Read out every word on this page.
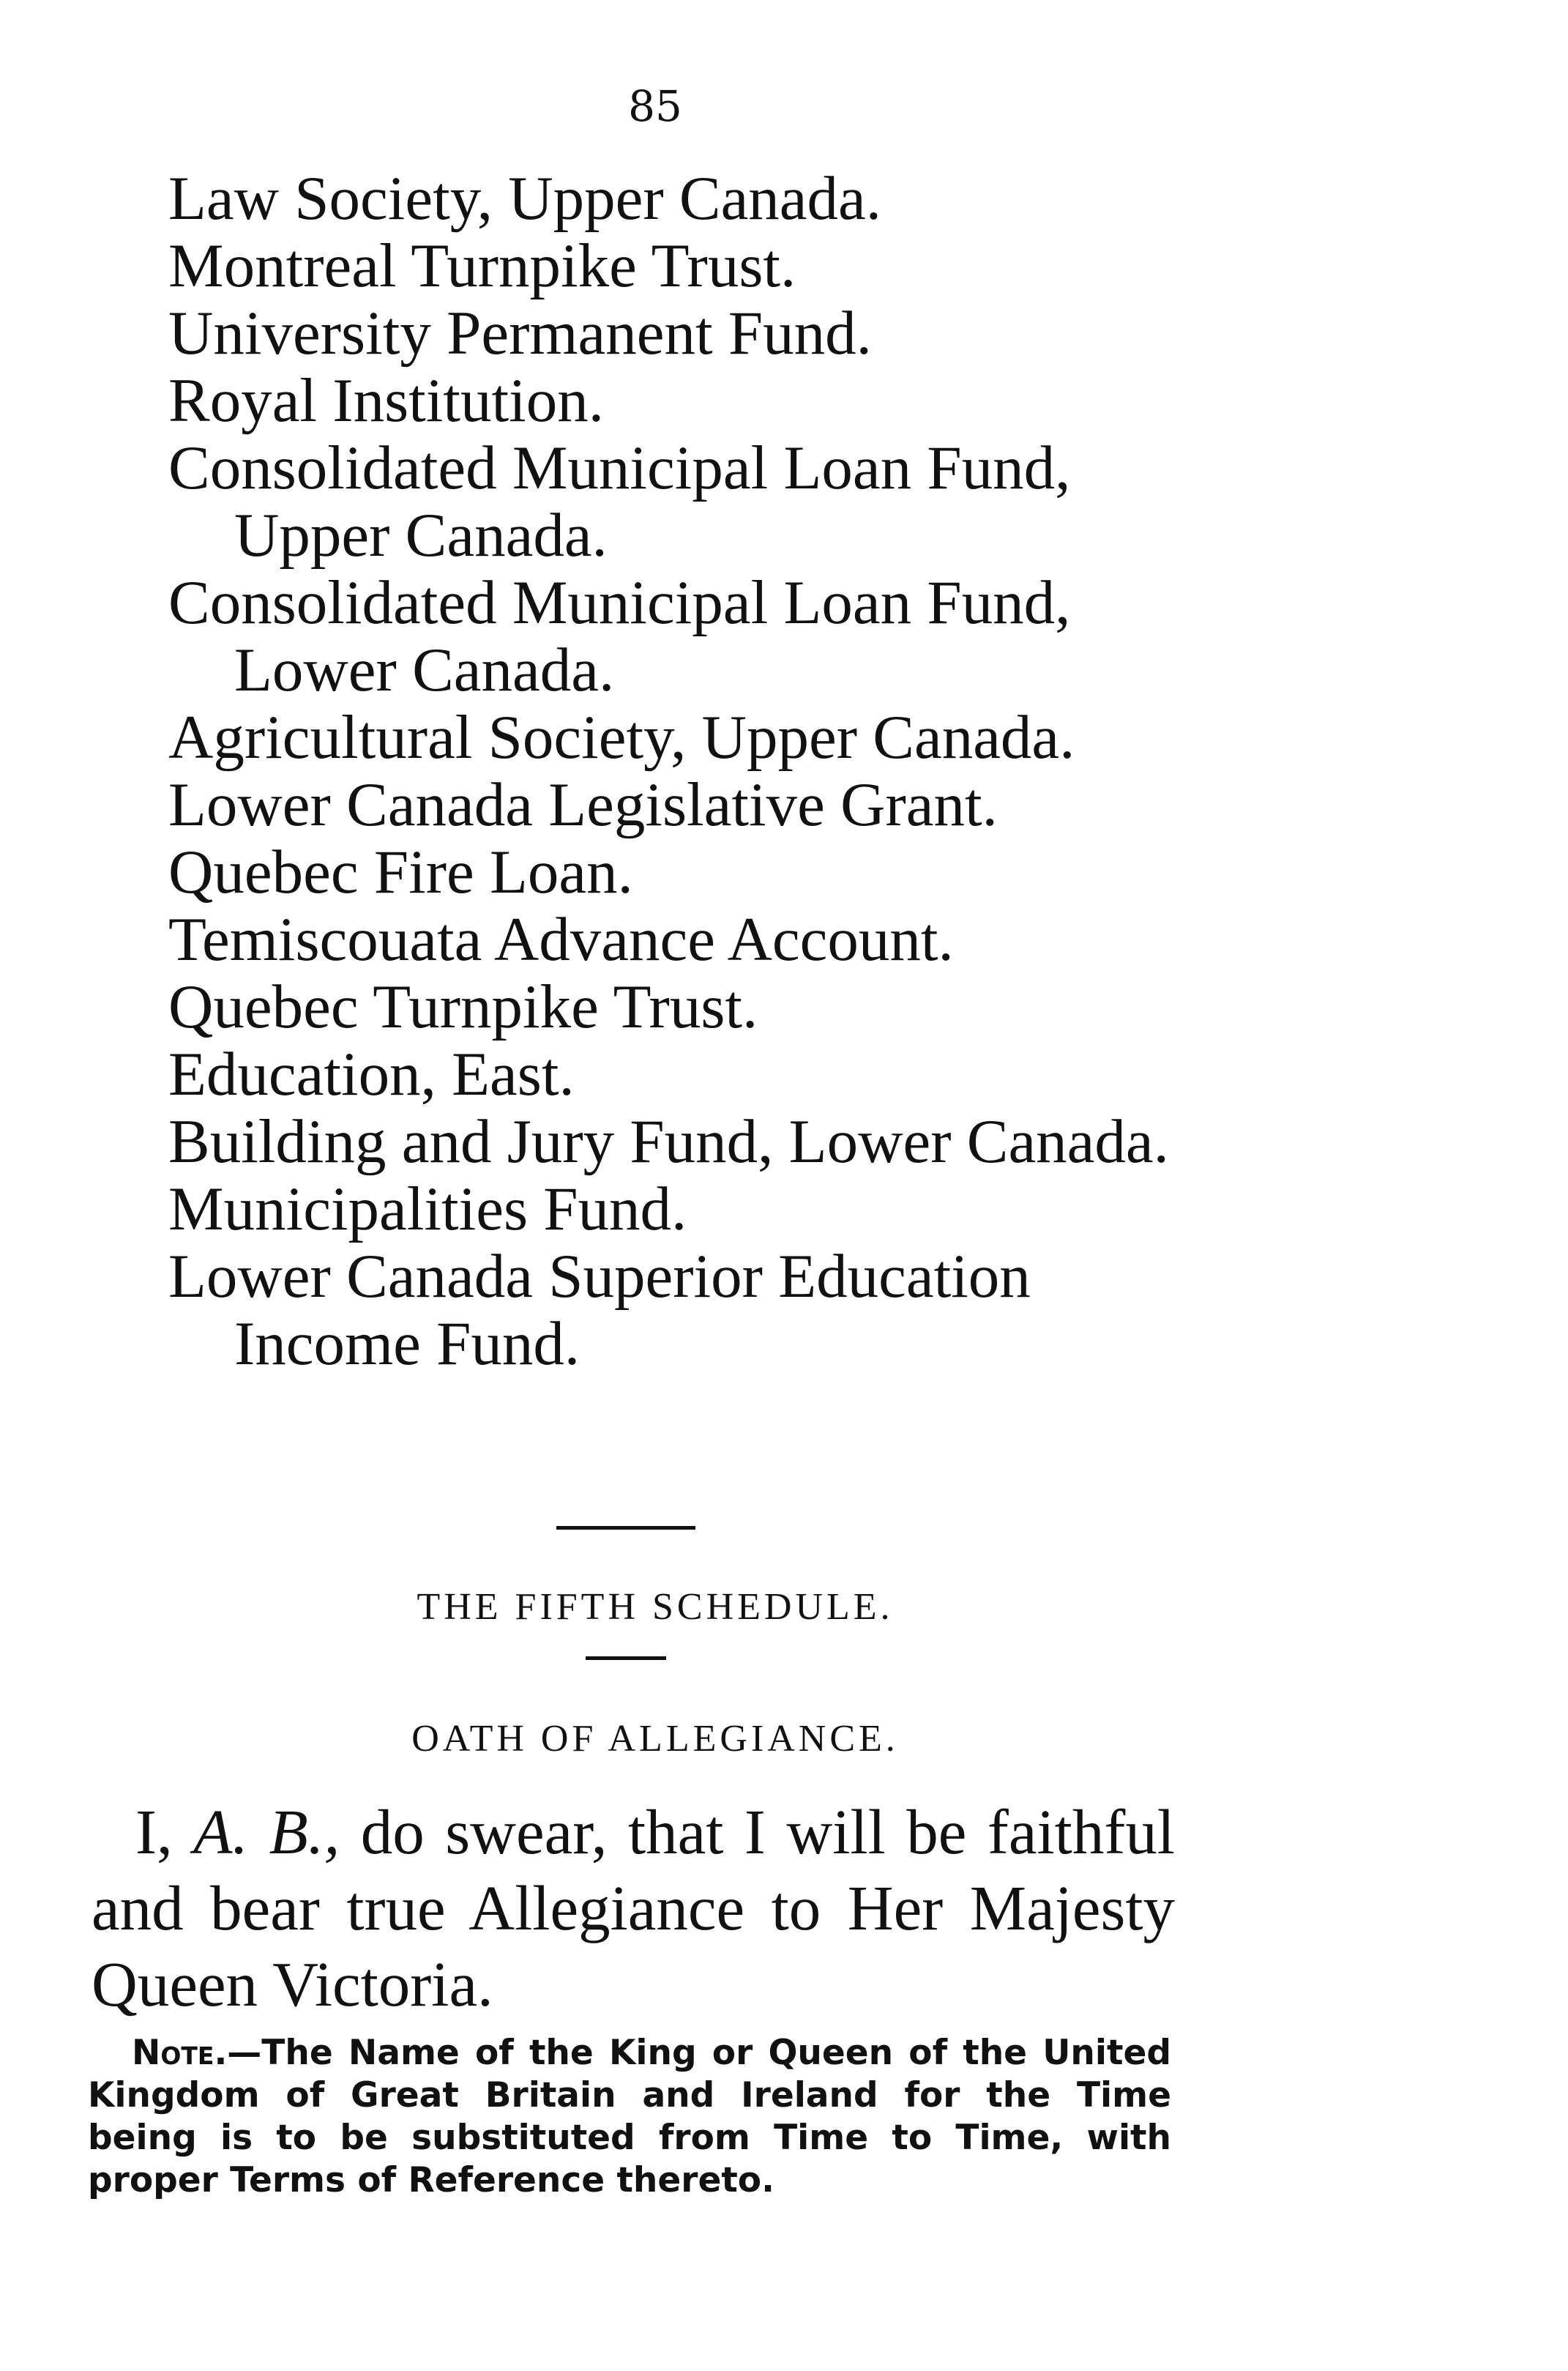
85
Law Society, Upper Canada.
Montreal Turnpike Trust.
University Permanent Fund.
Royal Institution.
Consolidated Municipal Loan Fund, Upper Canada.
Consolidated Municipal Loan Fund, Lower Canada.
Agricultural Society, Upper Canada.
Lower Canada Legislative Grant.
Quebec Fire Loan.
Temiscouata Advance Account.
Quebec Turnpike Trust.
Education, East.
Building and Jury Fund, Lower Canada.
Municipalities Fund.
Lower Canada Superior Education Income Fund.
THE FIFTH SCHEDULE.
OATH OF ALLEGIANCE.
I, A. B., do swear, that I will be faithful and bear true Allegiance to Her Majesty Queen Victoria.
Note.—The Name of the King or Queen of the United Kingdom of Great Britain and Ireland for the Time being is to be substituted from Time to Time, with proper Terms of Reference thereto.
